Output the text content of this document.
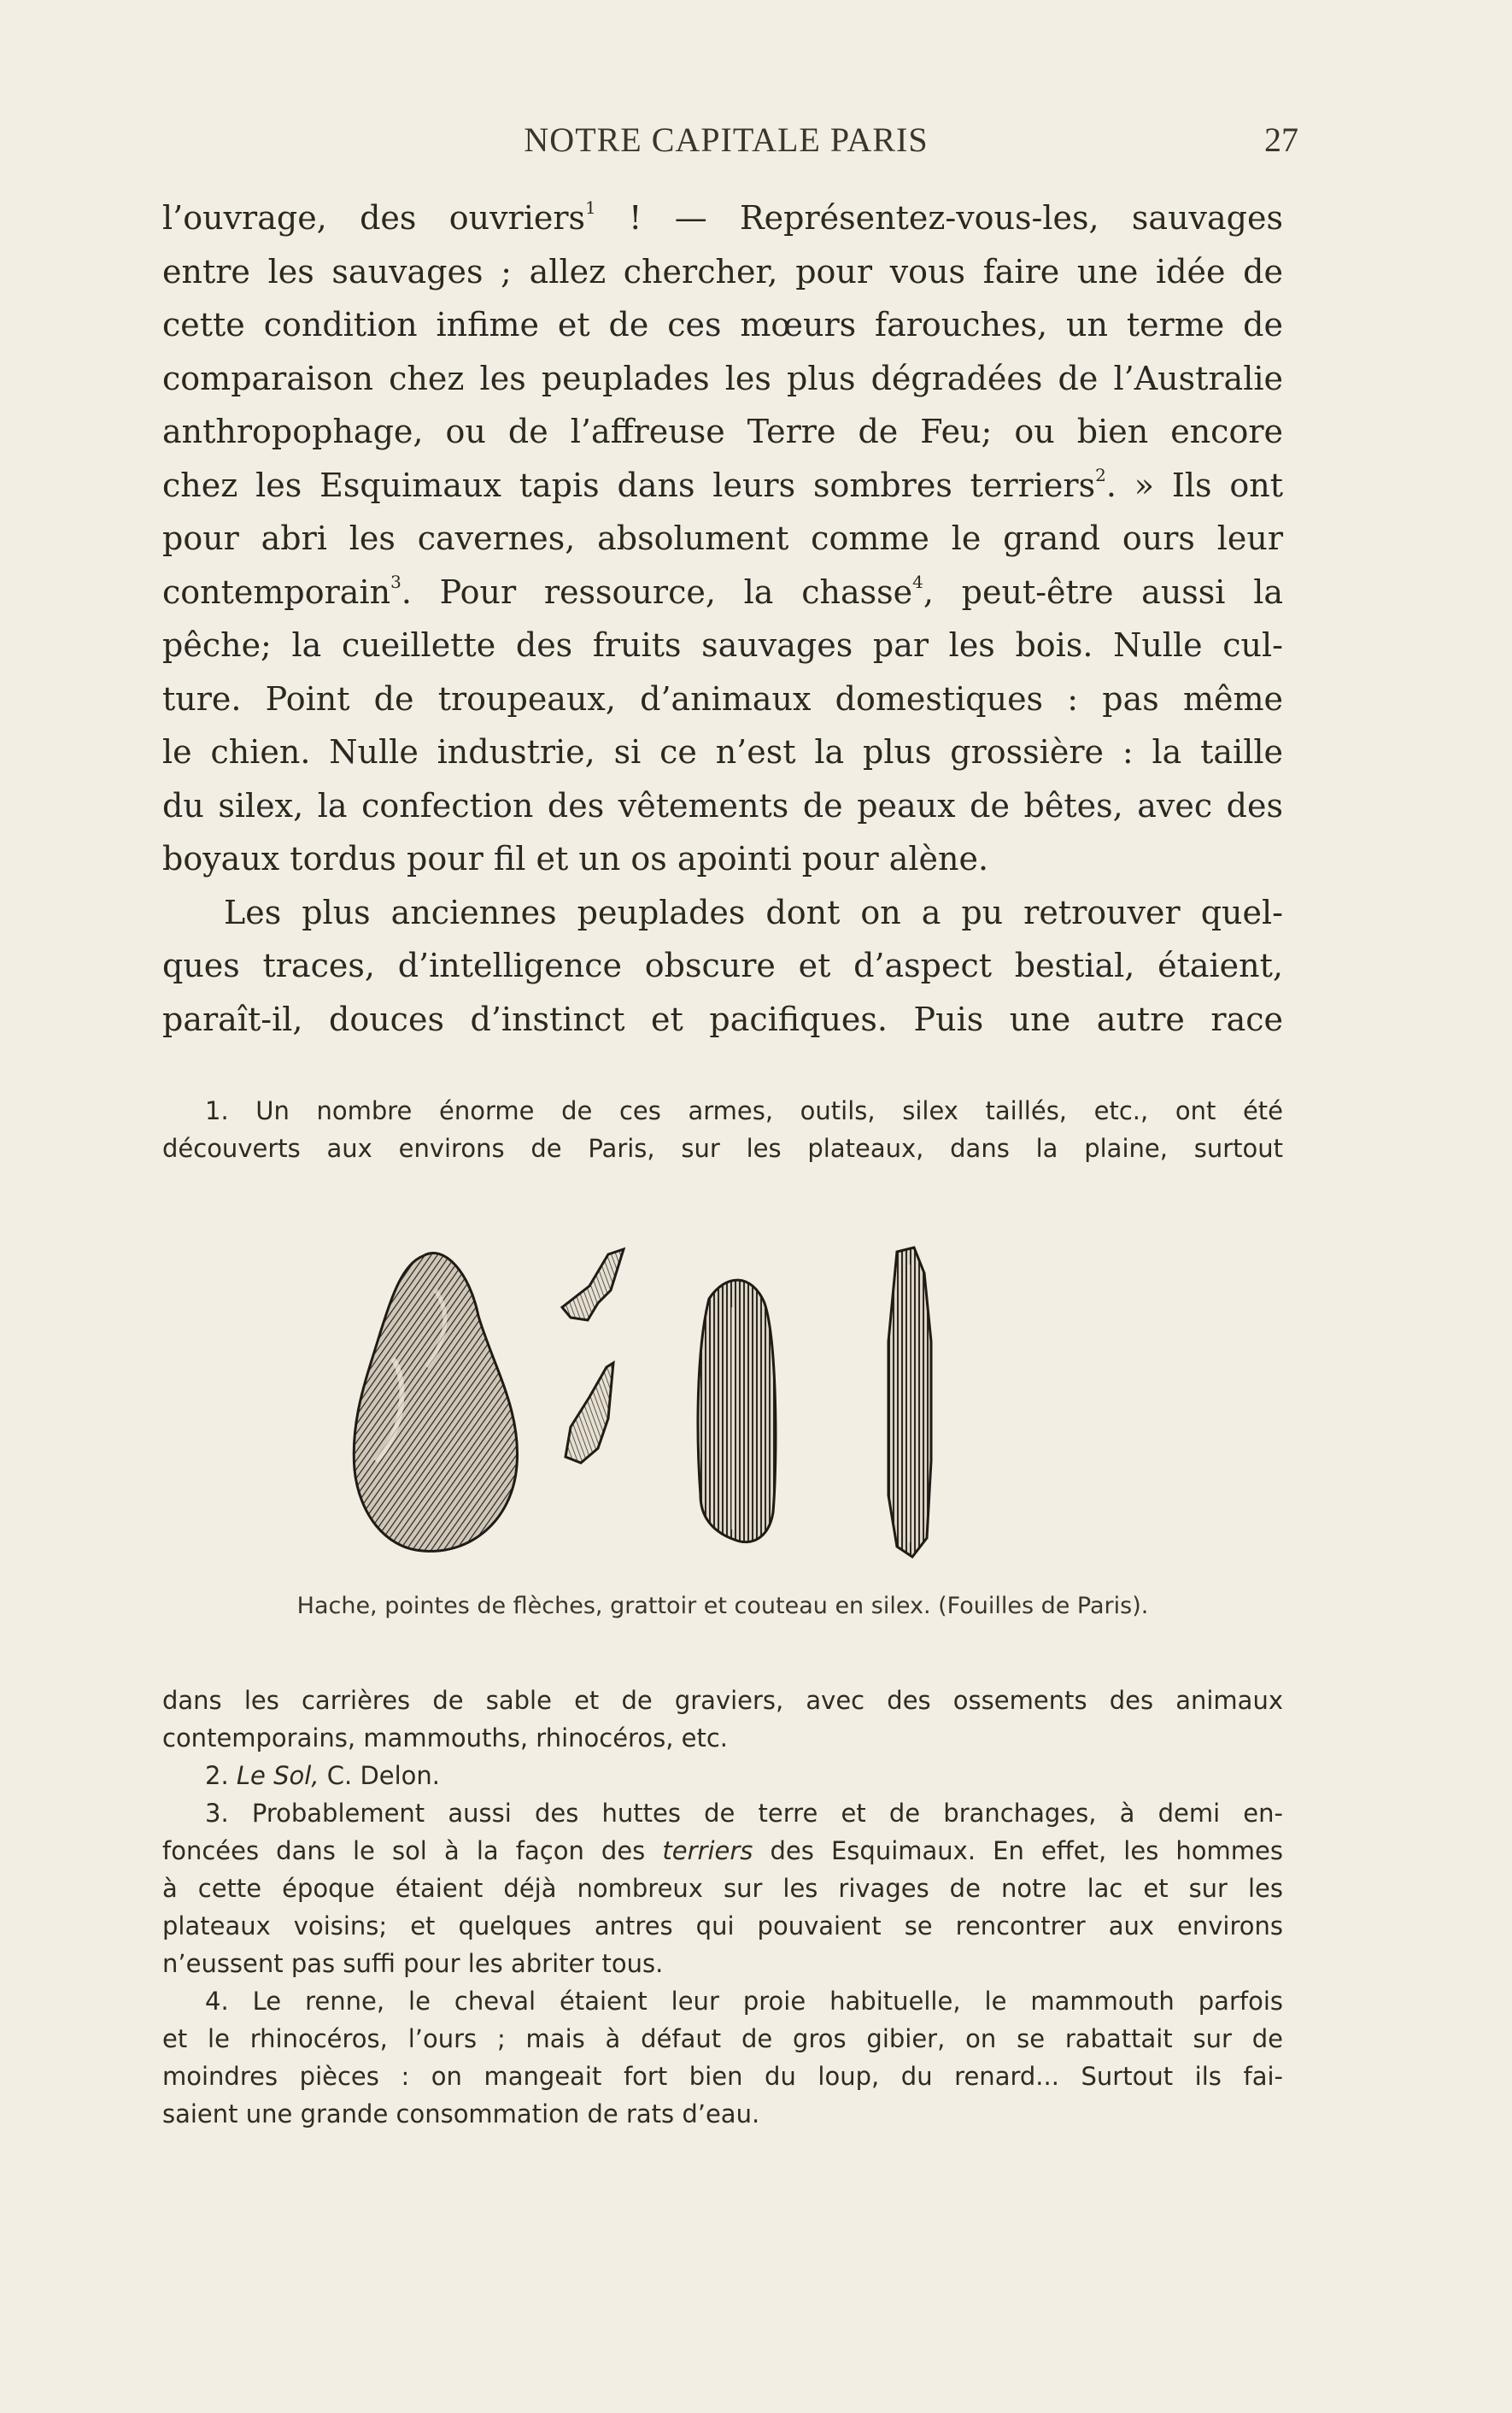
NOTRE CAPITALE PARIS	27
l’ouvrage, des ouvriers$^1$ ! — Représentez-vous-les, sauvages
entre les sauvages ; allez chercher, pour vous faire une idée de
cette condition infime et de ces mœurs farouches, un terme de
comparaison chez les peuplades les plus dégradées de l’Australie
anthropophage, ou de l’affreuse Terre de Feu; ou bien encore
chez les Esquimaux tapis dans leurs sombres terriers$^2$. » Ils ont
pour abri les cavernes, absolument comme le grand ours leur
contemporain$^3$. Pour ressource, la chasse$^4$, peut-être aussi la
pêche; la cueillette des fruits sauvages par les bois. Nulle cul-
ture. Point de troupeaux, d’animaux domestiques : pas même
le chien. Nulle industrie, si ce n’est la plus grossière : la taille
du silex, la confection des vêtements de peaux de bêtes, avec des
boyaux tordus pour fil et un os apointi pour alène.
Les plus anciennes peuplades dont on a pu retrouver quel-
ques traces, d’intelligence obscure et d’aspect bestial, étaient,
paraît-il, douces d’instinct et pacifiques. Puis une autre race
1. Un nombre énorme de ces armes, outils, silex taillés, etc., ont été
découverts aux environs de Paris, sur les plateaux, dans la plaine, surtout
Hache, pointes de flèches, grattoir et couteau en silex. (Fouilles de Paris).
dans les carrières de sable et de graviers, avec des ossements des animaux
contemporains, mammouths, rhinocéros, etc.
2. Le Sol, C. Delon.
3. Probablement aussi des huttes de terre et de branchages, à demi en-
foncées dans le sol à la façon des terriers des Esquimaux. En effet, les hommes
à cette époque étaient déjà nombreux sur les rivages de notre lac et sur les
plateaux voisins; et quelques antres qui pouvaient se rencontrer aux environs
n’eussent pas suffi pour les abriter tous.
4. Le renne, le cheval étaient leur proie habituelle, le mammouth parfois
et le rhinocéros, l’ours ; mais à défaut de gros gibier, on se rabattait sur de
moindres pièces : on mangeait fort bien du loup, du renard... Surtout ils fai-
saient une grande consommation de rats d’eau.
